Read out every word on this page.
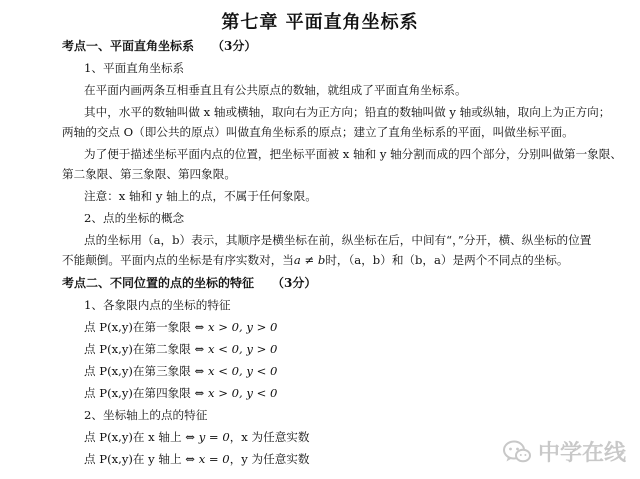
第七章 平面直角坐标系
考点一、平面直角坐标系 （3分）
1、平面直角坐标系
在平面内画两条互相垂直且有公共原点的数轴，就组成了平面直角坐标系。
其中，水平的数轴叫做 x 轴或横轴，取向右为正方向；铅直的数轴叫做 y 轴或纵轴，取向上为正方向；
两轴的交点 O（即公共的原点）叫做直角坐标系的原点；建立了直角坐标系的平面，叫做坐标平面。
为了便于描述坐标平面内点的位置，把坐标平面被 x 轴和 y 轴分割而成的四个部分，分别叫做第一象限、
第二象限、第三象限、第四象限。
注意：x 轴和 y 轴上的点，不属于任何象限。
2、点的坐标的概念
点的坐标用（a，b）表示，其顺序是横坐标在前，纵坐标在后，中间有“，”分开，横、纵坐标的位置
不能颠倒。平面内点的坐标是有序实数对，当a ≠ b时，（a，b）和（b，a）是两个不同点的坐标。
考点二、不同位置的点的坐标的特征 （3分）
1、各象限内点的坐标的特征
点 P(x,y)在第一象限 ⇔ x > 0, y > 0
点 P(x,y)在第二象限 ⇔ x < 0, y > 0
点 P(x,y)在第三象限 ⇔ x < 0, y < 0
点 P(x,y)在第四象限 ⇔ x > 0, y < 0
2、坐标轴上的点的特征
点 P(x,y)在 x 轴上 ⇔ y = 0，x 为任意实数
点 P(x,y)在 y 轴上 ⇔ x = 0，y 为任意实数	中学在线
